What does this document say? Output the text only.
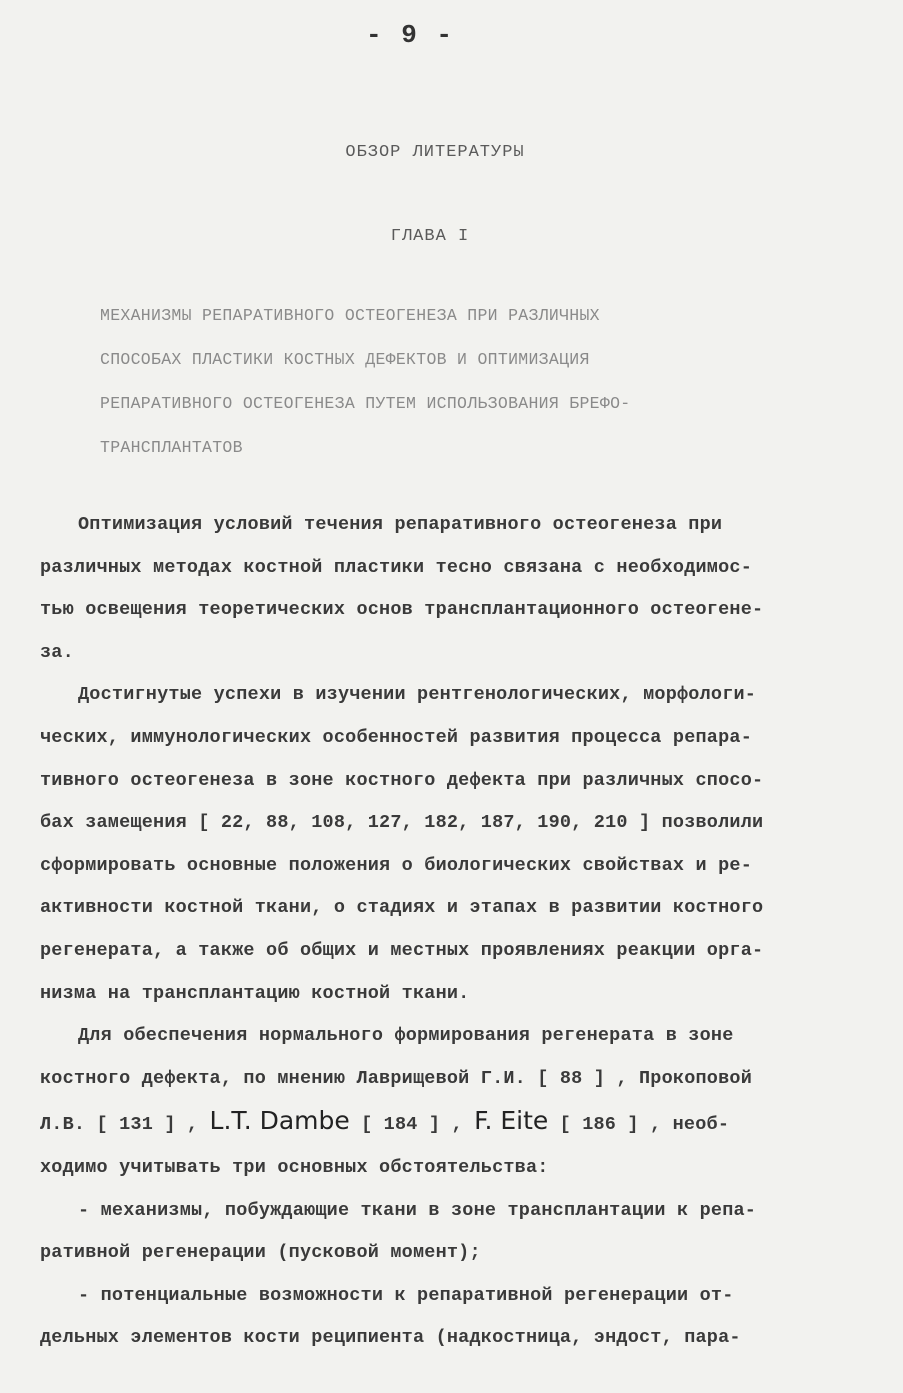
- 9 -
ОБЗОР ЛИТЕРАТУРЫ
ГЛАВА I
МЕХАНИЗМЫ РЕПАРАТИВНОГО ОСТЕОГЕНЕЗА ПРИ РАЗЛИЧНЫХ
СПОСОБАХ ПЛАСТИКИ КОСТНЫХ ДЕФЕКТОВ И ОПТИМИЗАЦИЯ
РЕПАРАТИВНОГО ОСТЕОГЕНЕЗА ПУТЕМ ИСПОЛЬЗОВАНИЯ БРЕФО-
ТРАНСПЛАНТАТОВ
Оптимизация условий течения репаративного остеогенеза при
различных методах костной пластики тесно связана с необходимос-
тью освещения теоретических основ трансплантационного остеогене-
за.
Достигнутые успехи в изучении рентгенологических, морфологи-
ческих, иммунологических особенностей развития процесса репара-
тивного остеогенеза в зоне костного дефекта при различных спосо-
бах замещения [ 22, 88, 108, 127, 182, 187, 190, 210 ] позволили
сформировать основные положения о биологических свойствах и ре-
активности костной ткани, о стадиях и этапах в развитии костного
регенерата, а также об общих и местных проявлениях реакции орга-
низма на трансплантацию костной ткани.
Для обеспечения нормального формирования регенерата в зоне
костного дефекта, по мнению Лаврищевой Г.И. [ 88 ] , Прокоповой
Л.В. [ 131 ] , L.T. Dambe [ 184 ] , F. Eite [ 186 ] , необ-
ходимо учитывать три основных обстоятельства:
- механизмы, побуждающие ткани в зоне трансплантации к репа-
ративной регенерации (пусковой момент);
- потенциальные возможности к репаративной регенерации от-
дельных элементов кости реципиента (надкостница, эндост, пара-
